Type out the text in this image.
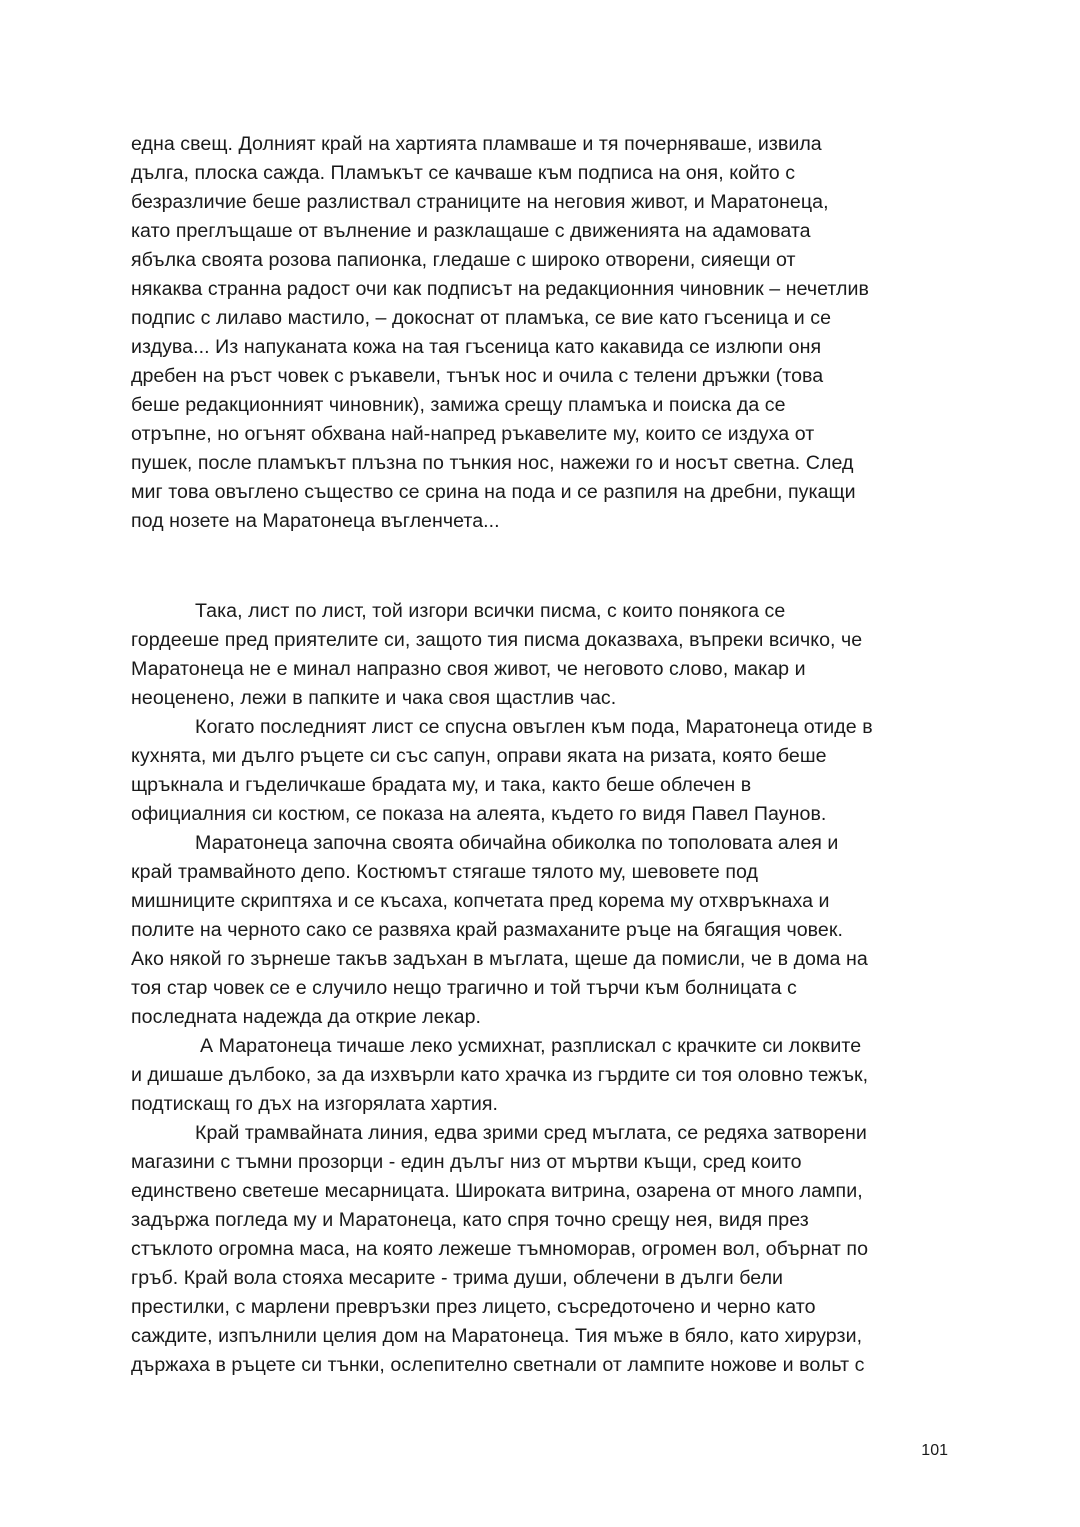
една свещ. Долният край на хартията пламваше и тя почерняваше, извила
дълга, плоска сажда. Пламъкът се качваше към подписа на оня, който с
безразличие беше разлиствал страниците на неговия живот, и Маратонеца,
като преглъщаше от вълнение и разклащаше с движенията на адамовата
ябълка своята розова папионка, гледаше с широко отворени, сияещи от
някаква странна радост очи как подписът на редакционния чиновник – нечетлив
подпис с лилаво мастило, – докоснат от пламъка, се вие като гъсеница и се
издува... Из напуканата кожа на тая гъсеница като какавида се излюпи оня
дребен на ръст човек с ръкавели, тънък нос и очила с телени дръжки (това
беше редакционният чиновник), замижа срещу пламъка и поиска да се
отръпне, но огънят обхвана най-напред ръкавелите му, които се издуха от
пушек, после пламъкът плъзна по тънкия нос, нажежи го и носът светна. След
миг това овъглено същество се срина на пода и се разпиля на дребни, пукащи
под нозете на Маратонеца въгленчета...
Така, лист по лист, той изгори всички писма, с които понякога се
гордееше пред приятелите си, защото тия писма доказваха, въпреки всичко, че
Маратонеца не е минал напразно своя живот, че неговото слово, макар и
неоценено, лежи в папките и чака своя щастлив час.
Когато последният лист се спусна овъглен към пода, Маратонеца отиде в
кухнята, ми дълго ръцете си със сапун, оправи яката на ризата, която беше
щръкнала и гъделичкаше брадата му, и така, както беше облечен в
официалния си костюм, се показа на алеята, където го видя Павел Паунов.
Маратонеца започна своята обичайна обиколка по тополовата алея и
край трамвайното депо. Костюмът стягаше тялото му, шевовете под
мишниците скриптяха и се късаха, копчетата пред корема му отхвръкнаха и
полите на черното сако се развяха край размаханите ръце на бягащия човек.
Ако някой го зърнеше такъв задъхан в мъглата, щеше да помисли, че в дома на
тоя стар човек се е случило нещо трагично и той търчи към болницата с
последната надежда да открие лекар.
А Маратонеца тичаше леко усмихнат, разплискал с крачките си локвите
и дишаше дълбоко, за да изхвърли като храчка из гърдите си тоя оловно тежък,
подтискащ го дъх на изгорялата хартия.
Край трамвайната линия, едва зрими сред мъглата, се редяха затворени
магазини с тъмни прозорци - един дълъг низ от мъртви къщи, сред които
единствено светеше месарницата. Широката витрина, озарена от много лампи,
задържа погледа му и Маратонеца, като спря точно срещу нея, видя през
стъклото огромна маса, на която лежеше тъмноморав, огромен вол, обърнат по
гръб. Край вола стояха месарите - трима души, облечени в дълги бели
престилки, с марлени превръзки през лицето, съсредоточено и черно като
саждите, изпълнили целия дом на Маратонеца. Тия мъже в бяло, като хирурзи,
държаха в ръцете си тънки, ослепително светнали от лампите ножове и вольт с
101
